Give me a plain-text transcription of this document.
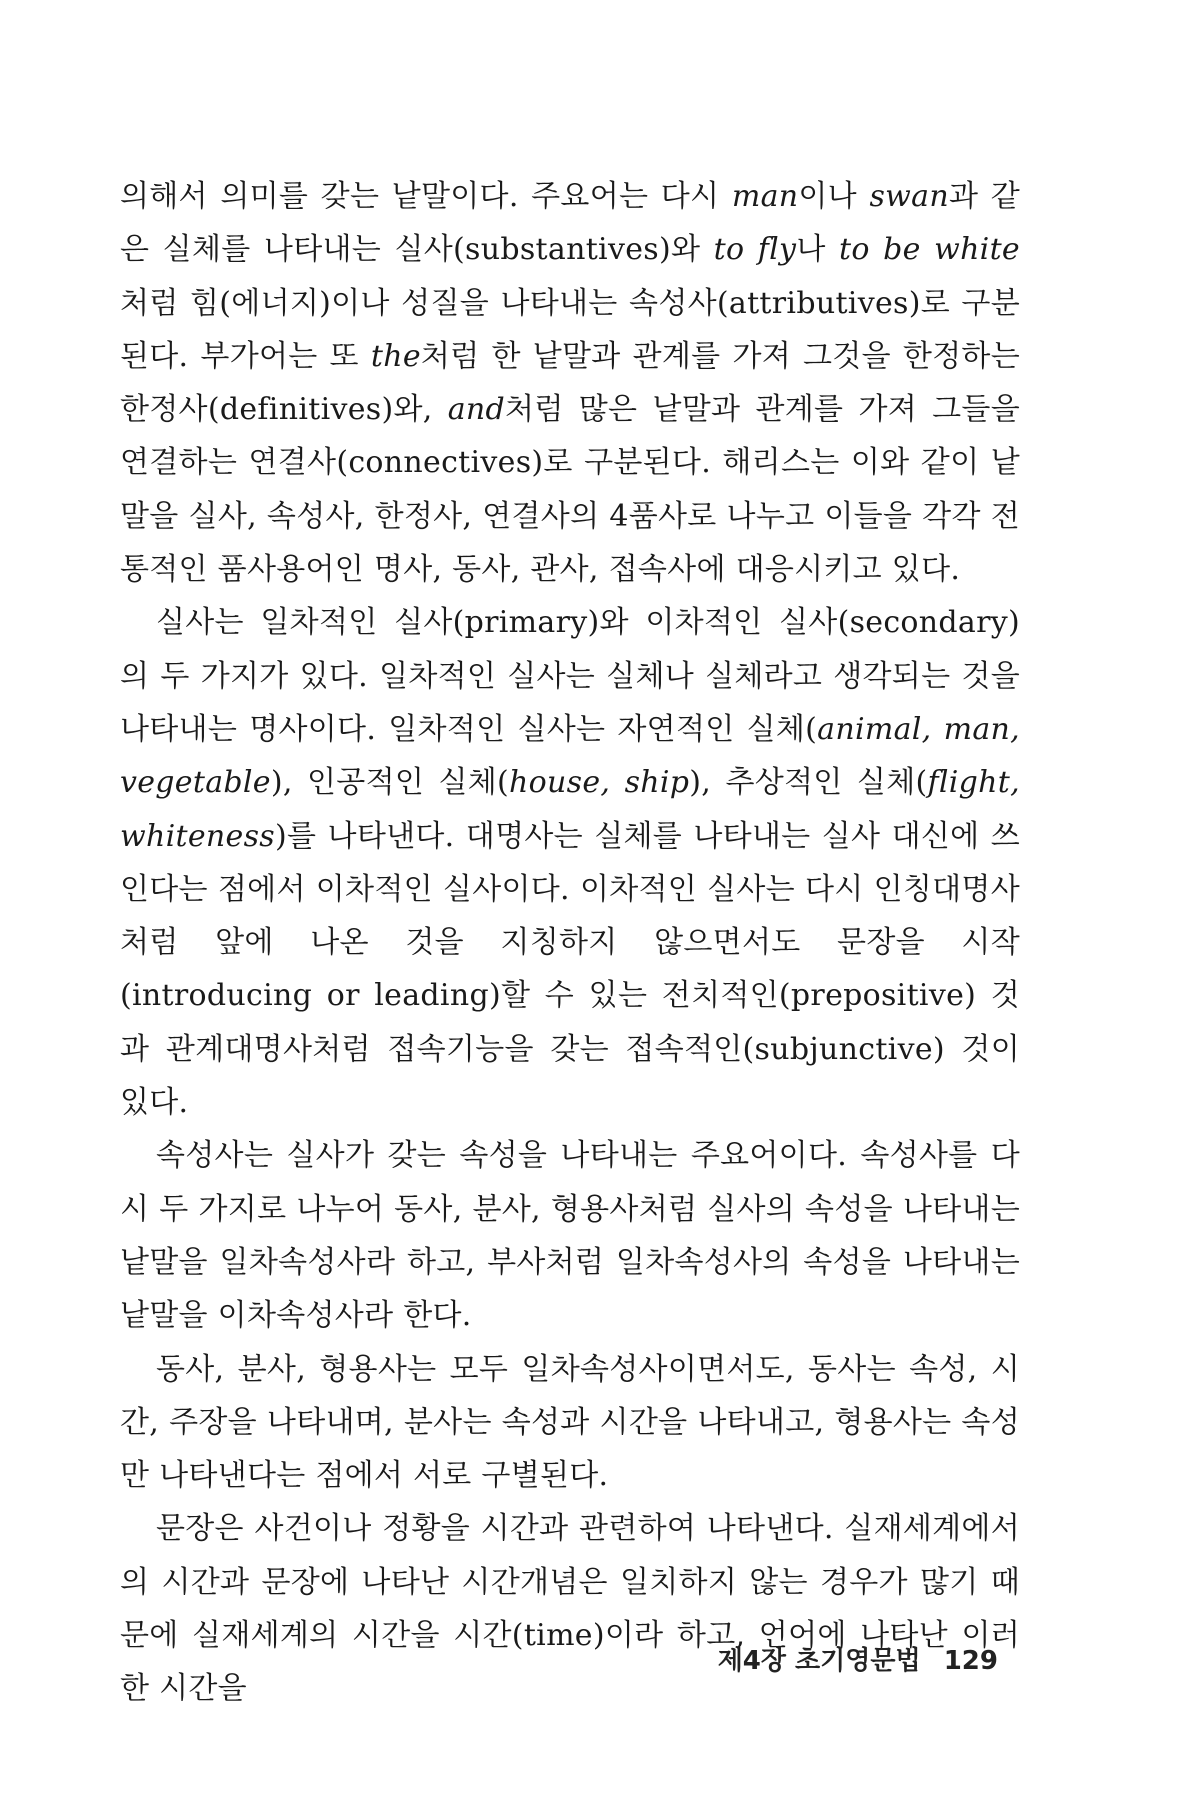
의해서 의미를 갖는 낱말이다. 주요어는 다시 man이나 swan과 같은 실체를 나타내는 실사(substantives)와 to fly나 to be white처럼 힘(에너지)이나 성질을 나타내는 속성사(attributives)로 구분된다. 부가어는 또 the처럼 한 낱말과 관계를 가져 그것을 한정하는 한정사(definitives)와, and처럼 많은 낱말과 관계를 가져 그들을 연결하는 연결사(connectives)로 구분된다. 해리스는 이와 같이 낱말을 실사, 속성사, 한정사, 연결사의 4품사로 나누고 이들을 각각 전통적인 품사용어인 명사, 동사, 관사, 접속사에 대응시키고 있다.

실사는 일차적인 실사(primary)와 이차적인 실사(secondary)의 두 가지가 있다. 일차적인 실사는 실체나 실체라고 생각되는 것을 나타내는 명사이다. 일차적인 실사는 자연적인 실체(animal, man, vegetable), 인공적인 실체(house, ship), 추상적인 실체(flight, whiteness)를 나타낸다. 대명사는 실체를 나타내는 실사 대신에 쓰인다는 점에서 이차적인 실사이다. 이차적인 실사는 다시 인칭대명사처럼 앞에 나온 것을 지칭하지 않으면서도 문장을 시작(introducing or leading)할 수 있는 전치적인(prepositive) 것과 관계대명사처럼 접속기능을 갖는 접속적인(subjunctive) 것이 있다.

속성사는 실사가 갖는 속성을 나타내는 주요어이다. 속성사를 다시 두 가지로 나누어 동사, 분사, 형용사처럼 실사의 속성을 나타내는 낱말을 일차속성사라 하고, 부사처럼 일차속성사의 속성을 나타내는 낱말을 이차속성사라 한다.

동사, 분사, 형용사는 모두 일차속성사이면서도, 동사는 속성, 시간, 주장을 나타내며, 분사는 속성과 시간을 나타내고, 형용사는 속성만 나타낸다는 점에서 서로 구별된다.

문장은 사건이나 정황을 시간과 관련하여 나타낸다. 실재세계에서의 시간과 문장에 나타난 시간개념은 일치하지 않는 경우가 많기 때문에 실재세계의 시간을 시간(time)이라 하고, 언어에 나타난 이러한 시간을

제4장 초기영문법 129
